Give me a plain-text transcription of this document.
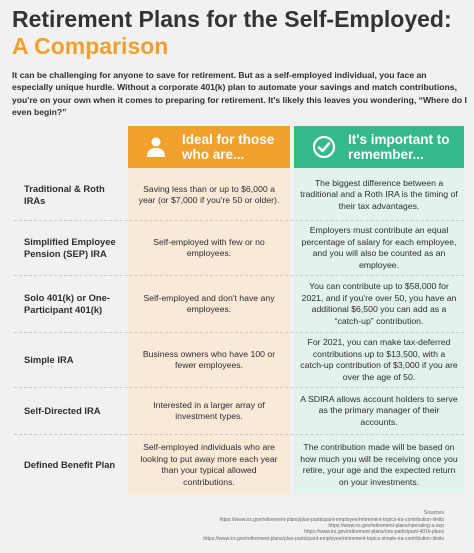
Retirement Plans for the Self-Employed:
A Comparison
It can be challenging for anyone to save for retirement. But as a self-employed individual, you face an especially unique hurdle. Without a corporate 401(k) plan to automate your savings and match contributions, you're on your own when it comes to preparing for retirement. It's likely this leaves you wondering, “Where do I even begin?”
Ideal for those who are...
It's important to remember...
Traditional & Roth IRAs
Saving less than or up to $6,000 a year (or $7,000 if you're 50 or older).
The biggest difference between a traditional and a Roth IRA is the timing of their tax advantages.
Simplified Employee Pension (SEP) IRA
Self-employed with few or no employees.
Employers must contribute an equal percentage of salary for each employee, and you will also be counted as an employee.
Solo 401(k) or One-Participant 401(k)
Self-employed and don't have any employees.
You can contribute up to $58,000 for 2021, and if you're over 50, you have an additional $6,500 you can add as a “catch-up” contribution.
Simple IRA
Business owners who have 100 or fewer employees.
For 2021, you can make tax-deferred contributions up to $13,500, with a catch-up contribution of $3,000 if you are over the age of 50.
Self-Directed IRA
Interested in a larger array of investment types.
A SDIRA allows account holders to serve as the primary manager of their accounts.
Defined Benefit Plan
Self-employed individuals who are looking to put away more each year than your typical allowed contributions.
The contribution made will be based on how much you will be receiving once you retire, your age and the expected return on your investments.
Sources
https://www.irs.gov/retirement-plans/plan-participant-employee/retirement-topics-ira-contribution-limits
https://www.irs.gov/retirement-plans/operating-a-sep
https://www.irs.gov/retirement-plans/one-participant-401k-plans
https://www.irs.gov/retirement-plans/plan-participant-employee/retirement-topics-simple-ira-contribution-limits
